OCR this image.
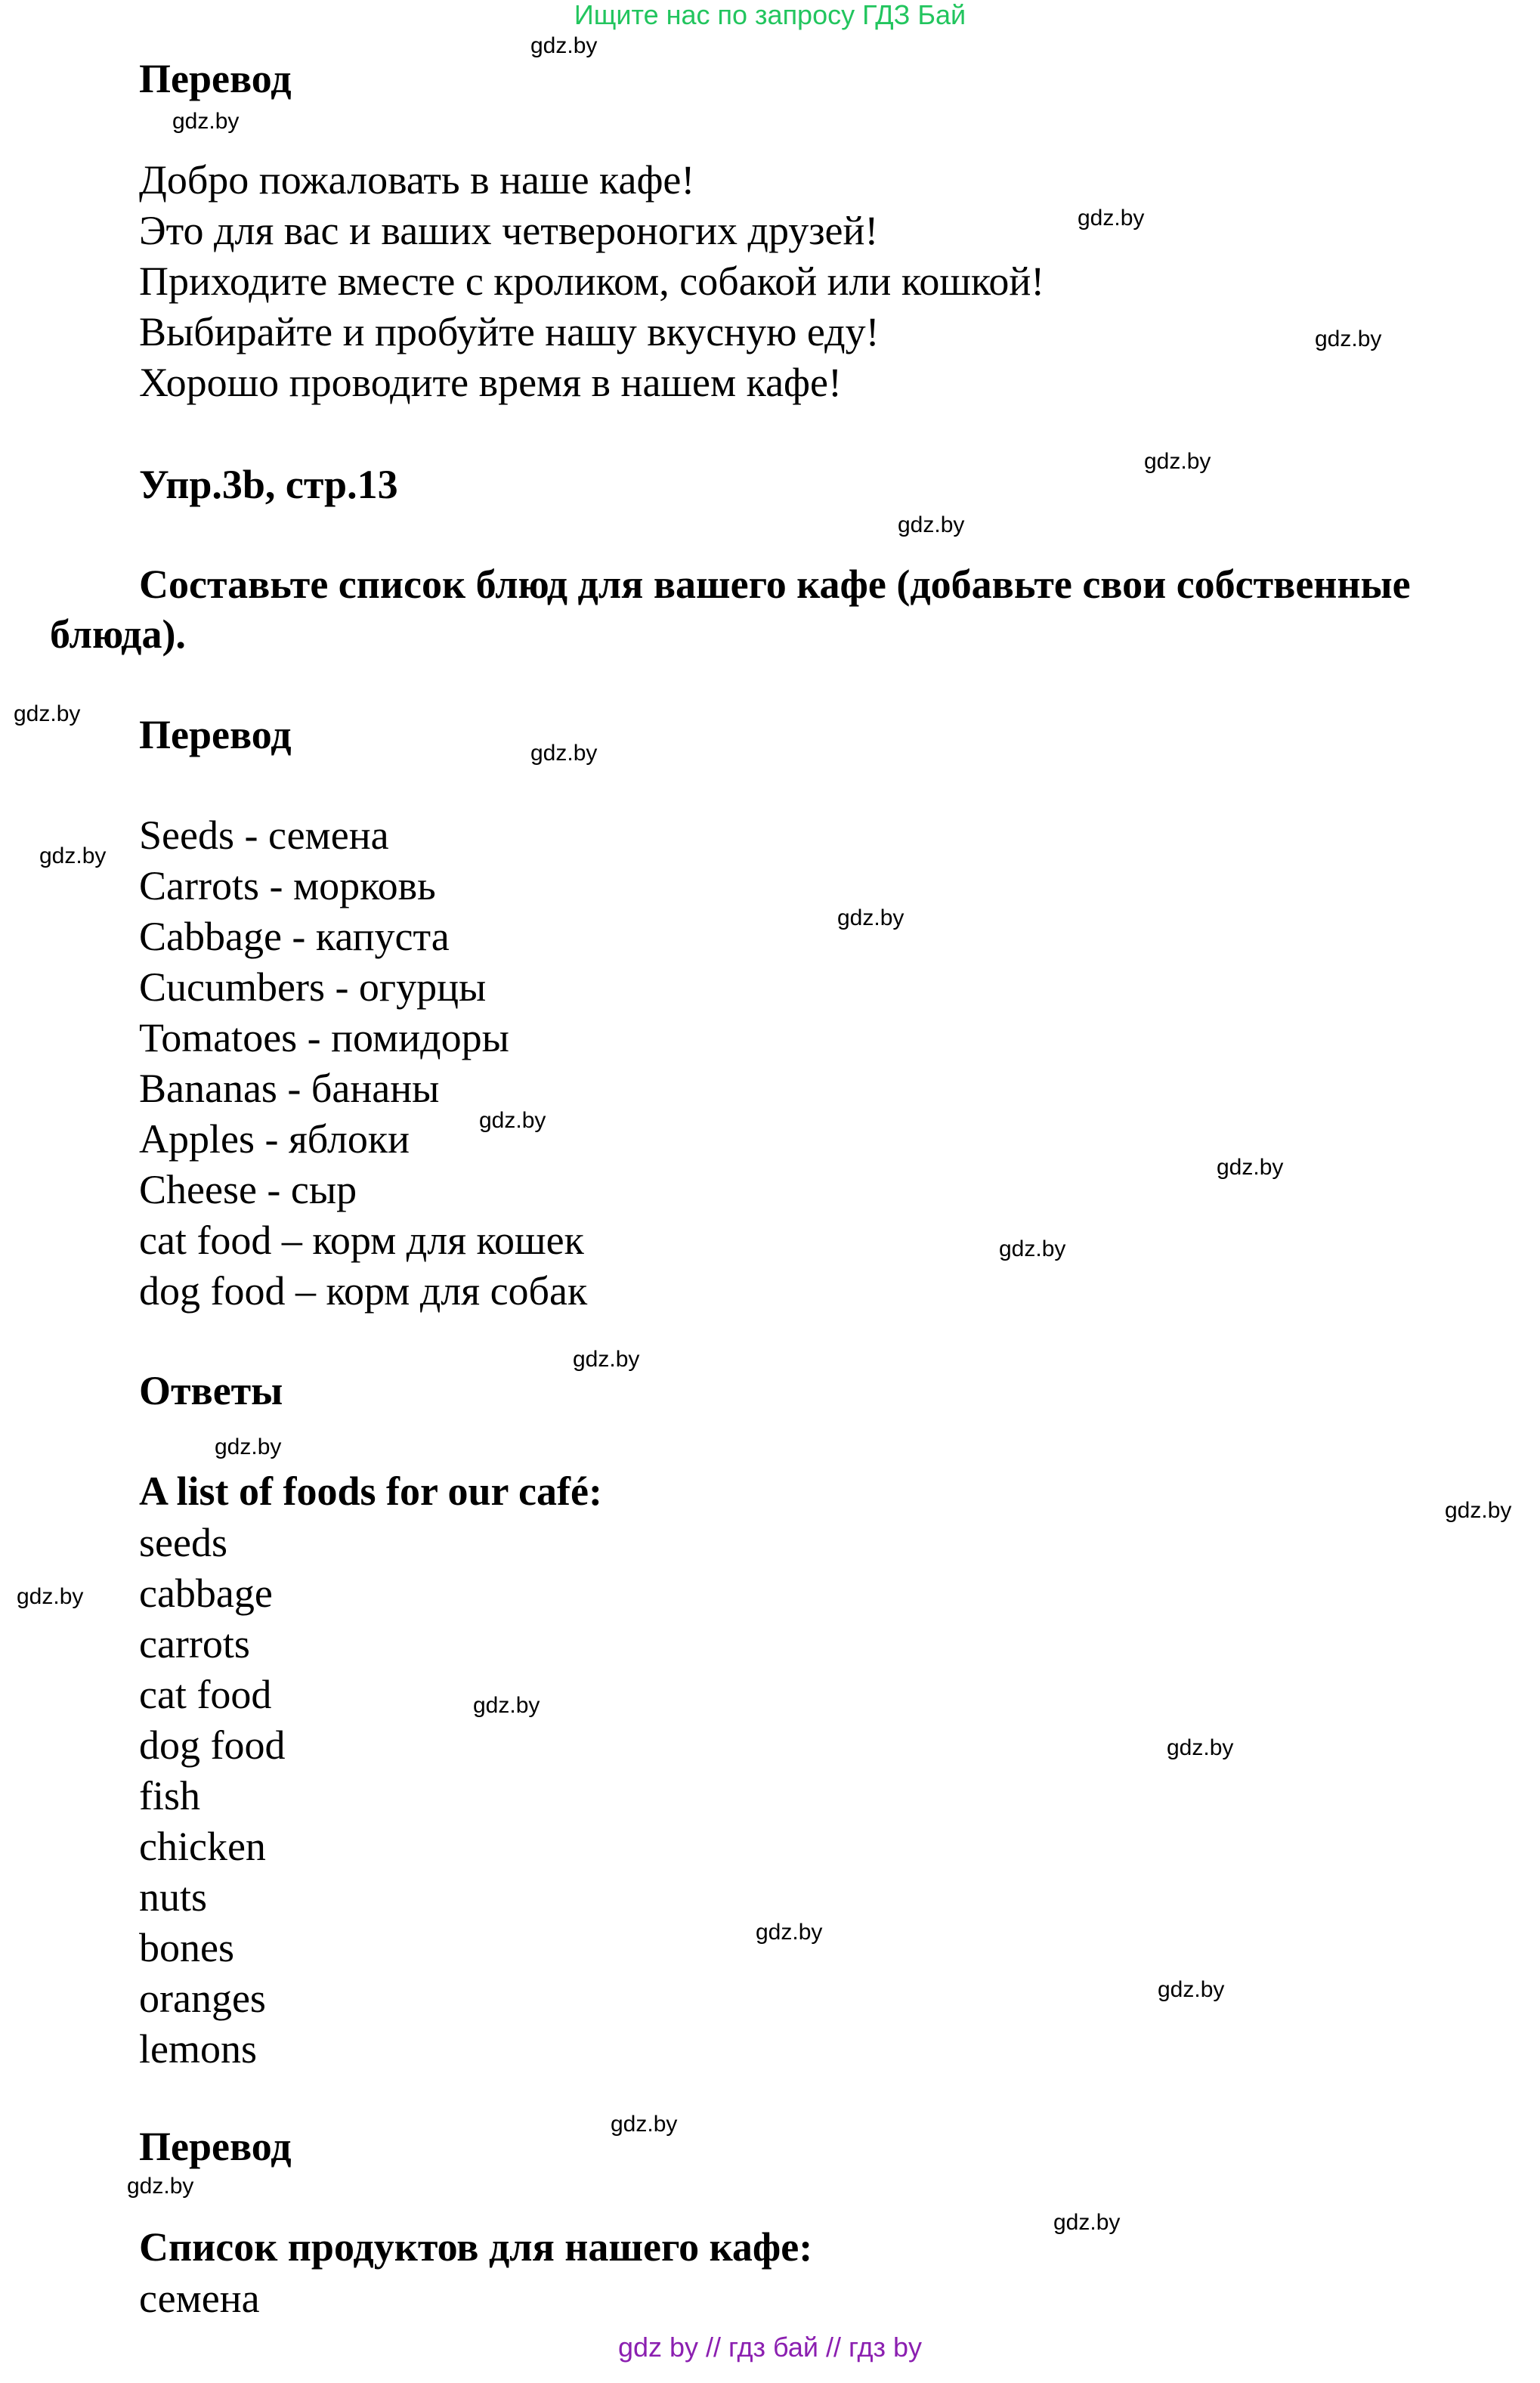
Ищите нас по запросу ГДЗ Бай
Перевод
Добро пожаловать в наше кафе!
Это для вас и ваших четвероногих друзей!
Приходите вместе с кроликом, собакой или кошкой!
Выбирайте и пробуйте нашу вкусную еду!
Хорошо проводите время в нашем кафе!
Упр.3b, стр.13
Составьте список блюд для вашего кафе (добавьте свои собственные блюда).
Перевод
Seeds - семена
Carrots - морковь
Cabbage - капуста
Cucumbers - огурцы
Tomatoes - помидоры
Bananas - бананы
Apples - яблоки
Cheese - сыр
cat food – корм для кошек
dog food – корм для собак
Ответы
A list of foods for our café:
seeds
cabbage
carrots
cat food
dog food
fish
chicken
nuts
bones
oranges
lemons
Перевод
Список продуктов для нашего кафе:
семена
gdz.by
gdz.by
gdz.by
gdz.by
gdz.by
gdz.by
gdz.by
gdz.by
gdz.by
gdz.by
gdz.by
gdz.by
gdz.by
gdz.by
gdz.by
gdz.by
gdz.by
gdz.by
gdz.by
gdz.by
gdz.by
gdz.by
gdz.by
gdz.by
gdz by // гдз бай // гдз by
